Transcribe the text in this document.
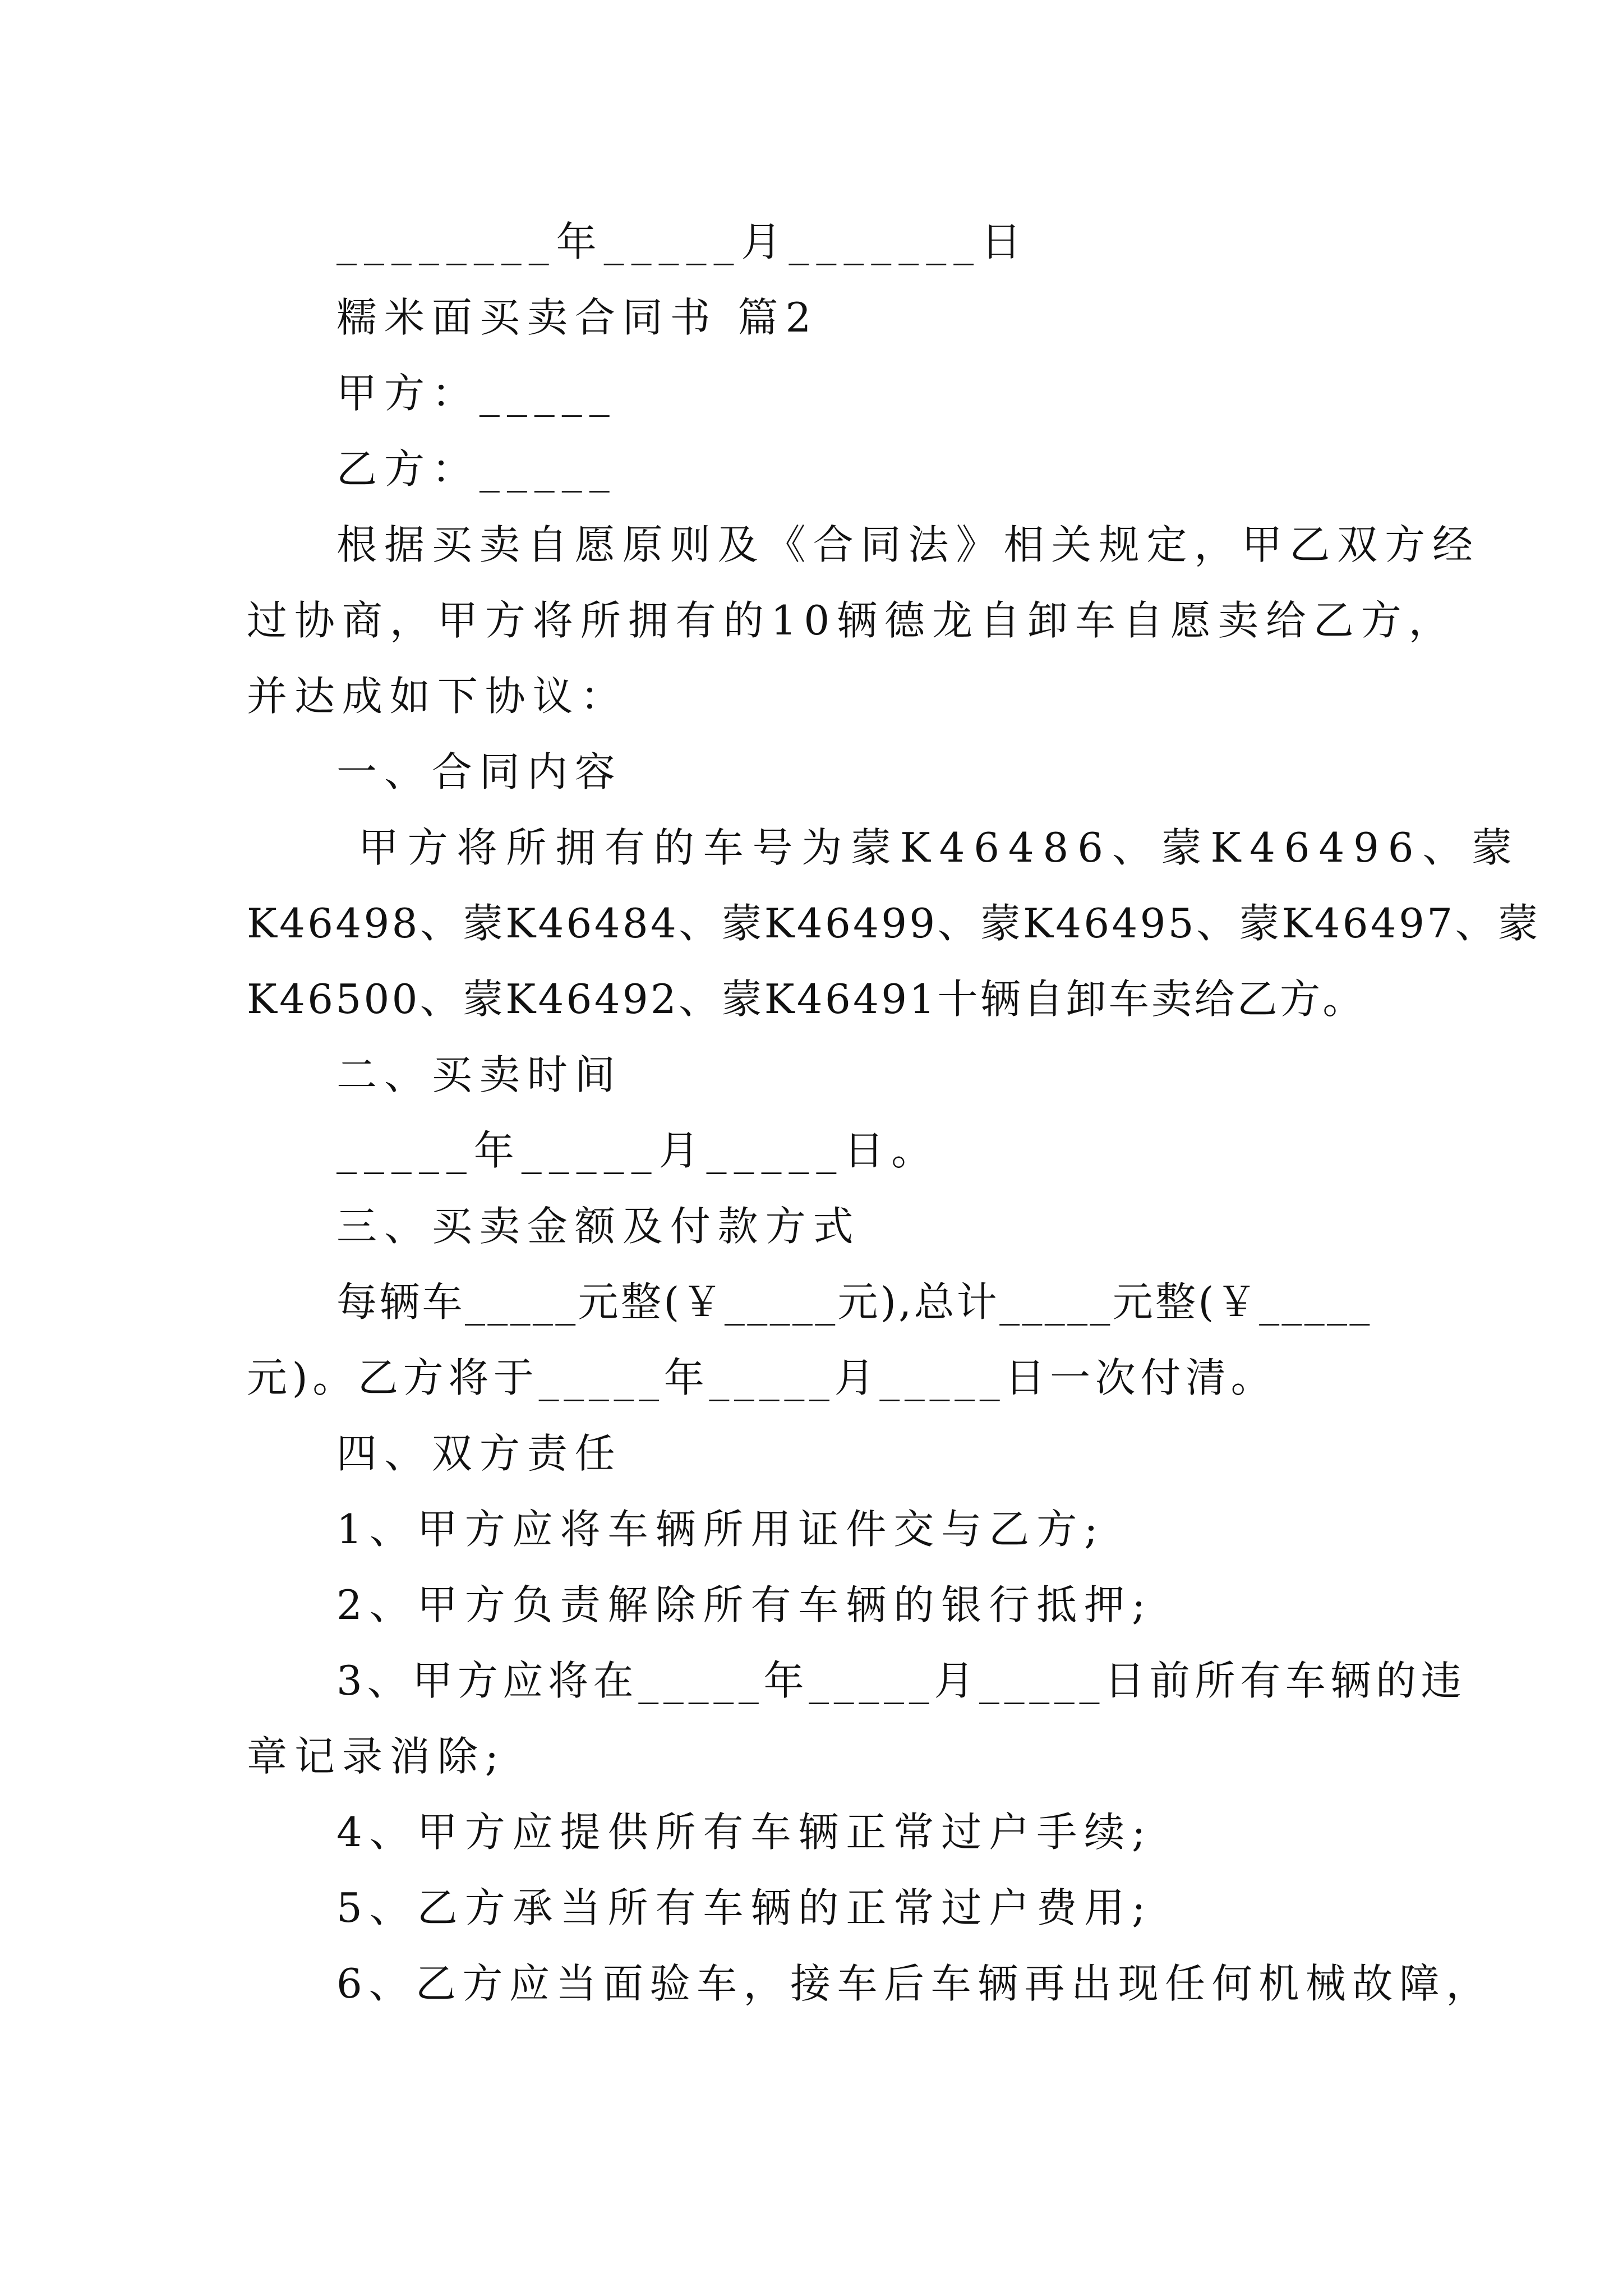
________年_____月_______日
糯米面买卖合同书 篇2
甲方：_____
乙方：_____
根据买卖自愿原则及《合同法》相关规定，甲乙双方经
过协商，甲方将所拥有的10辆德龙自卸车自愿卖给乙方，
并达成如下协议：
一、合同内容
甲方将所拥有的车号为蒙K46486、蒙K46496、蒙
K46498、蒙K46484、蒙K46499、蒙K46495、蒙K46497、蒙
K46500、蒙K46492、蒙K46491十辆自卸车卖给乙方。
二、买卖时间
_____年_____月_____日。
三、买卖金额及付款方式
每辆车_____元整(￥_____元),总计_____元整(￥_____
元)。乙方将于_____年_____月_____日一次付清。
四、双方责任
1、甲方应将车辆所用证件交与乙方;
2、甲方负责解除所有车辆的银行抵押;
3、甲方应将在_____年_____月_____日前所有车辆的违
章记录消除;
4、甲方应提供所有车辆正常过户手续;
5、乙方承当所有车辆的正常过户费用;
6、乙方应当面验车，接车后车辆再出现任何机械故障，
